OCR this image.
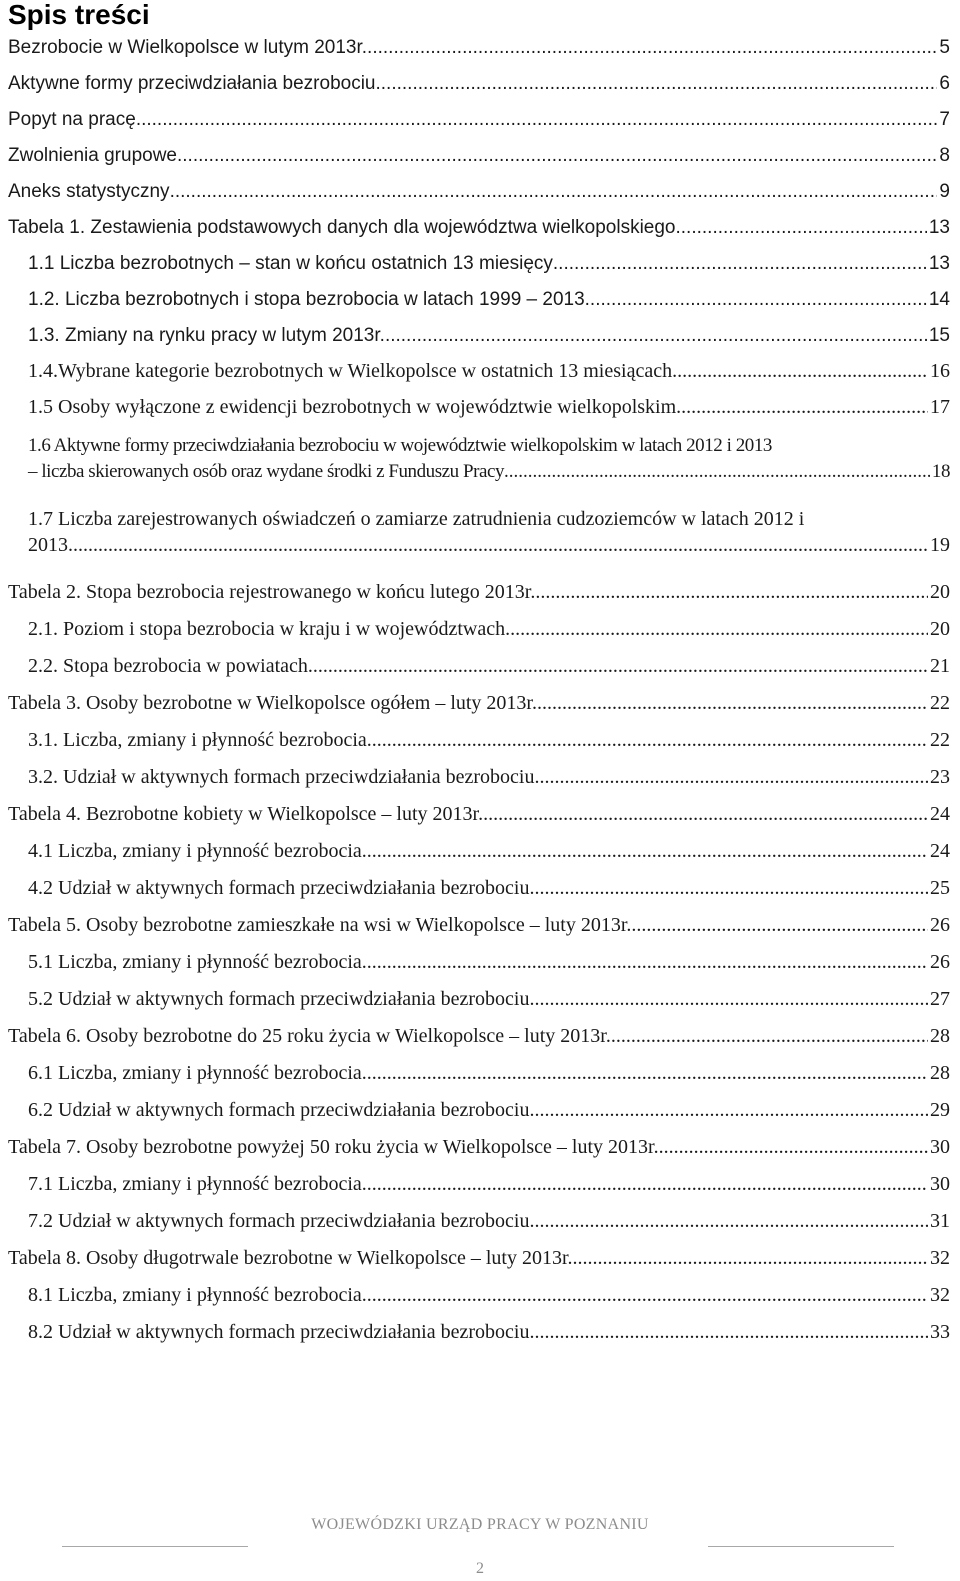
Spis treści
Bezrobocie w Wielkopolsce w lutym 2013r. .....	5
Aktywne formy przeciwdziałania bezrobociu. .....	6
Popyt na pracę .....	7
Zwolnienia grupowe .....	8
Aneks statystyczny .....	9
Tabela 1. Zestawienia podstawowych danych dla województwa wielkopolskiego .....	13
1.1 Liczba bezrobotnych – stan w końcu ostatnich 13 miesięcy .....	13
1.2. Liczba bezrobotnych i stopa bezrobocia w latach 1999 – 2013 .....	14
1.3. Zmiany na rynku pracy w lutym 2013r. .....	15
1.4.Wybrane kategorie bezrobotnych w Wielkopolsce w ostatnich 13 miesiącach .....	16
1.5 Osoby wyłączone z ewidencji bezrobotnych w województwie wielkopolskim .....	17
1.6 Aktywne formy przeciwdziałania bezrobociu w województwie wielkopolskim w latach 2012 i 2013
– liczba skierowanych osób oraz wydane środki z Funduszu Pracy .....	18
1.7 Liczba zarejestrowanych oświadczeń o zamiarze zatrudnienia cudzoziemców w latach 2012 i
2013 .....	19
Tabela 2. Stopa bezrobocia rejestrowanego w końcu lutego 2013r. .....	20
2.1. Poziom i stopa bezrobocia w kraju i w województwach .....	20
2.2. Stopa bezrobocia w powiatach .....	21
Tabela 3. Osoby bezrobotne w Wielkopolsce ogółem – luty 2013r. .....	22
3.1. Liczba, zmiany i płynność bezrobocia .....	22
3.2. Udział w aktywnych formach przeciwdziałania bezrobociu .....	23
Tabela 4. Bezrobotne kobiety w Wielkopolsce – luty 2013r. .....	24
4.1 Liczba, zmiany i płynność bezrobocia .....	24
4.2 Udział w aktywnych formach przeciwdziałania bezrobociu .....	25
Tabela 5. Osoby bezrobotne zamieszkałe na wsi w Wielkopolsce – luty 2013r. .....	26
5.1 Liczba, zmiany i płynność bezrobocia .....	26
5.2 Udział w aktywnych formach przeciwdziałania bezrobociu .....	27
Tabela 6. Osoby bezrobotne do 25 roku życia w Wielkopolsce – luty 2013r. .....	28
6.1 Liczba, zmiany i płynność bezrobocia .....	28
6.2 Udział w aktywnych formach przeciwdziałania bezrobociu .....	29
Tabela 7. Osoby bezrobotne powyżej 50 roku życia w Wielkopolsce – luty 2013r. .....	30
7.1 Liczba, zmiany i płynność bezrobocia .....	30
7.2 Udział w aktywnych formach przeciwdziałania bezrobociu .....	31
Tabela 8. Osoby długotrwale bezrobotne w Wielkopolsce – luty 2013r. .....	32
8.1 Liczba, zmiany i płynność bezrobocia .....	32
8.2 Udział w aktywnych formach przeciwdziałania bezrobociu .....	33
WOJEWÓDZKI URZĄD PRACY W POZNANIU
2
